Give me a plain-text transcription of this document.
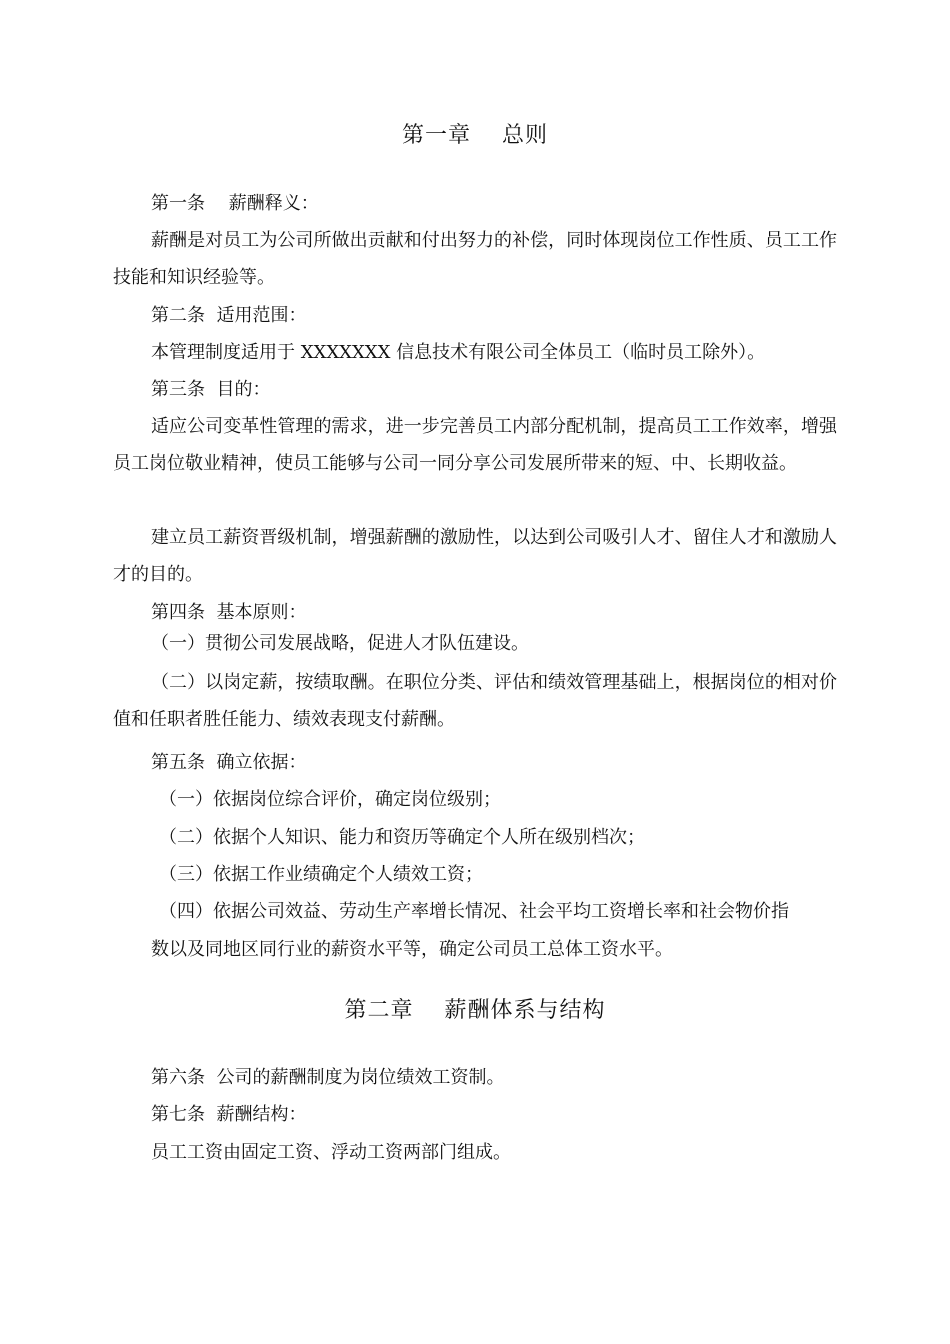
第一章　 总则
第一条　 薪酬释义：
薪酬是对员工为公司所做出贡献和付出努力的补偿，同时体现岗位工作性质、员工工作技能和知识经验等。
第二条  适用范围：
本管理制度适用于 XXXXXXX 信息技术有限公司全体员工（临时员工除外）。
第三条  目的：
适应公司变革性管理的需求，进一步完善员工内部分配机制，提高员工工作效率，增强员工岗位敬业精神，使员工能够与公司一同分享公司发展所带来的短、中、长期收益。
建立员工薪资晋级机制，增强薪酬的激励性，以达到公司吸引人才、留住人才和激励人才的目的。
第四条  基本原则：
（一）贯彻公司发展战略，促进人才队伍建设。
（二）以岗定薪，按绩取酬。在职位分类、评估和绩效管理基础上，根据岗位的相对价值和任职者胜任能力、绩效表现支付薪酬。
第五条  确立依据：
（一）依据岗位综合评价，确定岗位级别；
（二）依据个人知识、能力和资历等确定个人所在级别档次；
（三）依据工作业绩确定个人绩效工资；
（四）依据公司效益、劳动生产率增长情况、社会平均工资增长率和社会物价指
数以及同地区同行业的薪资水平等，确定公司员工总体工资水平。
第二章　 薪酬体系与结构
第六条  公司的薪酬制度为岗位绩效工资制。
第七条  薪酬结构：
员工工资由固定工资、浮动工资两部门组成。
